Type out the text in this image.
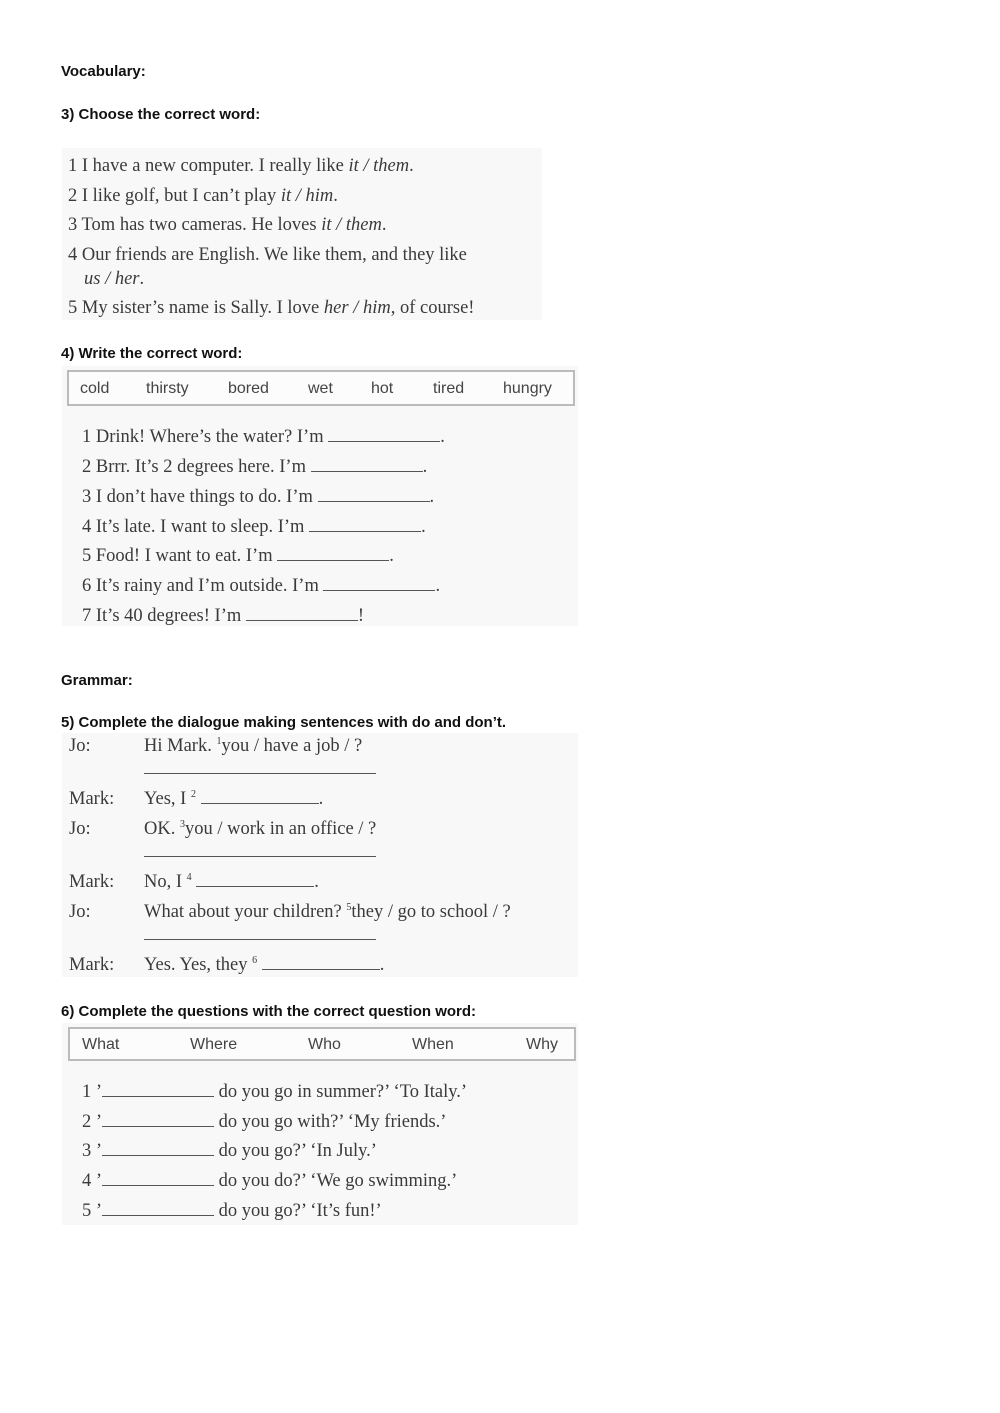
Vocabulary:

3) Choose the correct word:

1 I have a new computer. I really like it / them.
2 I like golf, but I can’t play it / him.
3 Tom has two cameras. He loves it / them.
4 Our friends are English. We like them, and they like
us / her.
5 My sister’s name is Sally. I love her / him, of course!

4) Write the correct word:

cold thirsty bored wet hot tired hungry
1 Drink! Where’s the water? I’m	.
2 Brrr. It’s 2 degrees here. I’m	.
3 I don’t have things to do. I’m	.
4 It’s late. I want to sleep. I’m	.
5 Food! I want to eat. I’m	.
6 It’s rainy and I’m outside. I’m	.
7 It’s 40 degrees! I’m	!

Grammar:

5) Complete the dialogue making sentences with do and don’t.

Jo:	Hi Mark. $^1$you / have a job / ?
Mark: Yes, I $^2$	.
Jo:	OK. $^3$you / work in an office / ?
Mark: No, I $^4$	.
Jo:	What about your children? $^5$they / go to school / ?
Mark: Yes. Yes, they $^6$	.

6) Complete the questions with the correct question word:

What	Where	Who	When	Why
1 ’	do you go in summer?’ ‘To Italy.’
2 ’	do you go with?’ ‘My friends.’
3 ’	do you go?’ ‘In July.’
4 ’	do you do?’ ‘We go swimming.’
5 ’	do you go?’ ‘It’s fun!’
